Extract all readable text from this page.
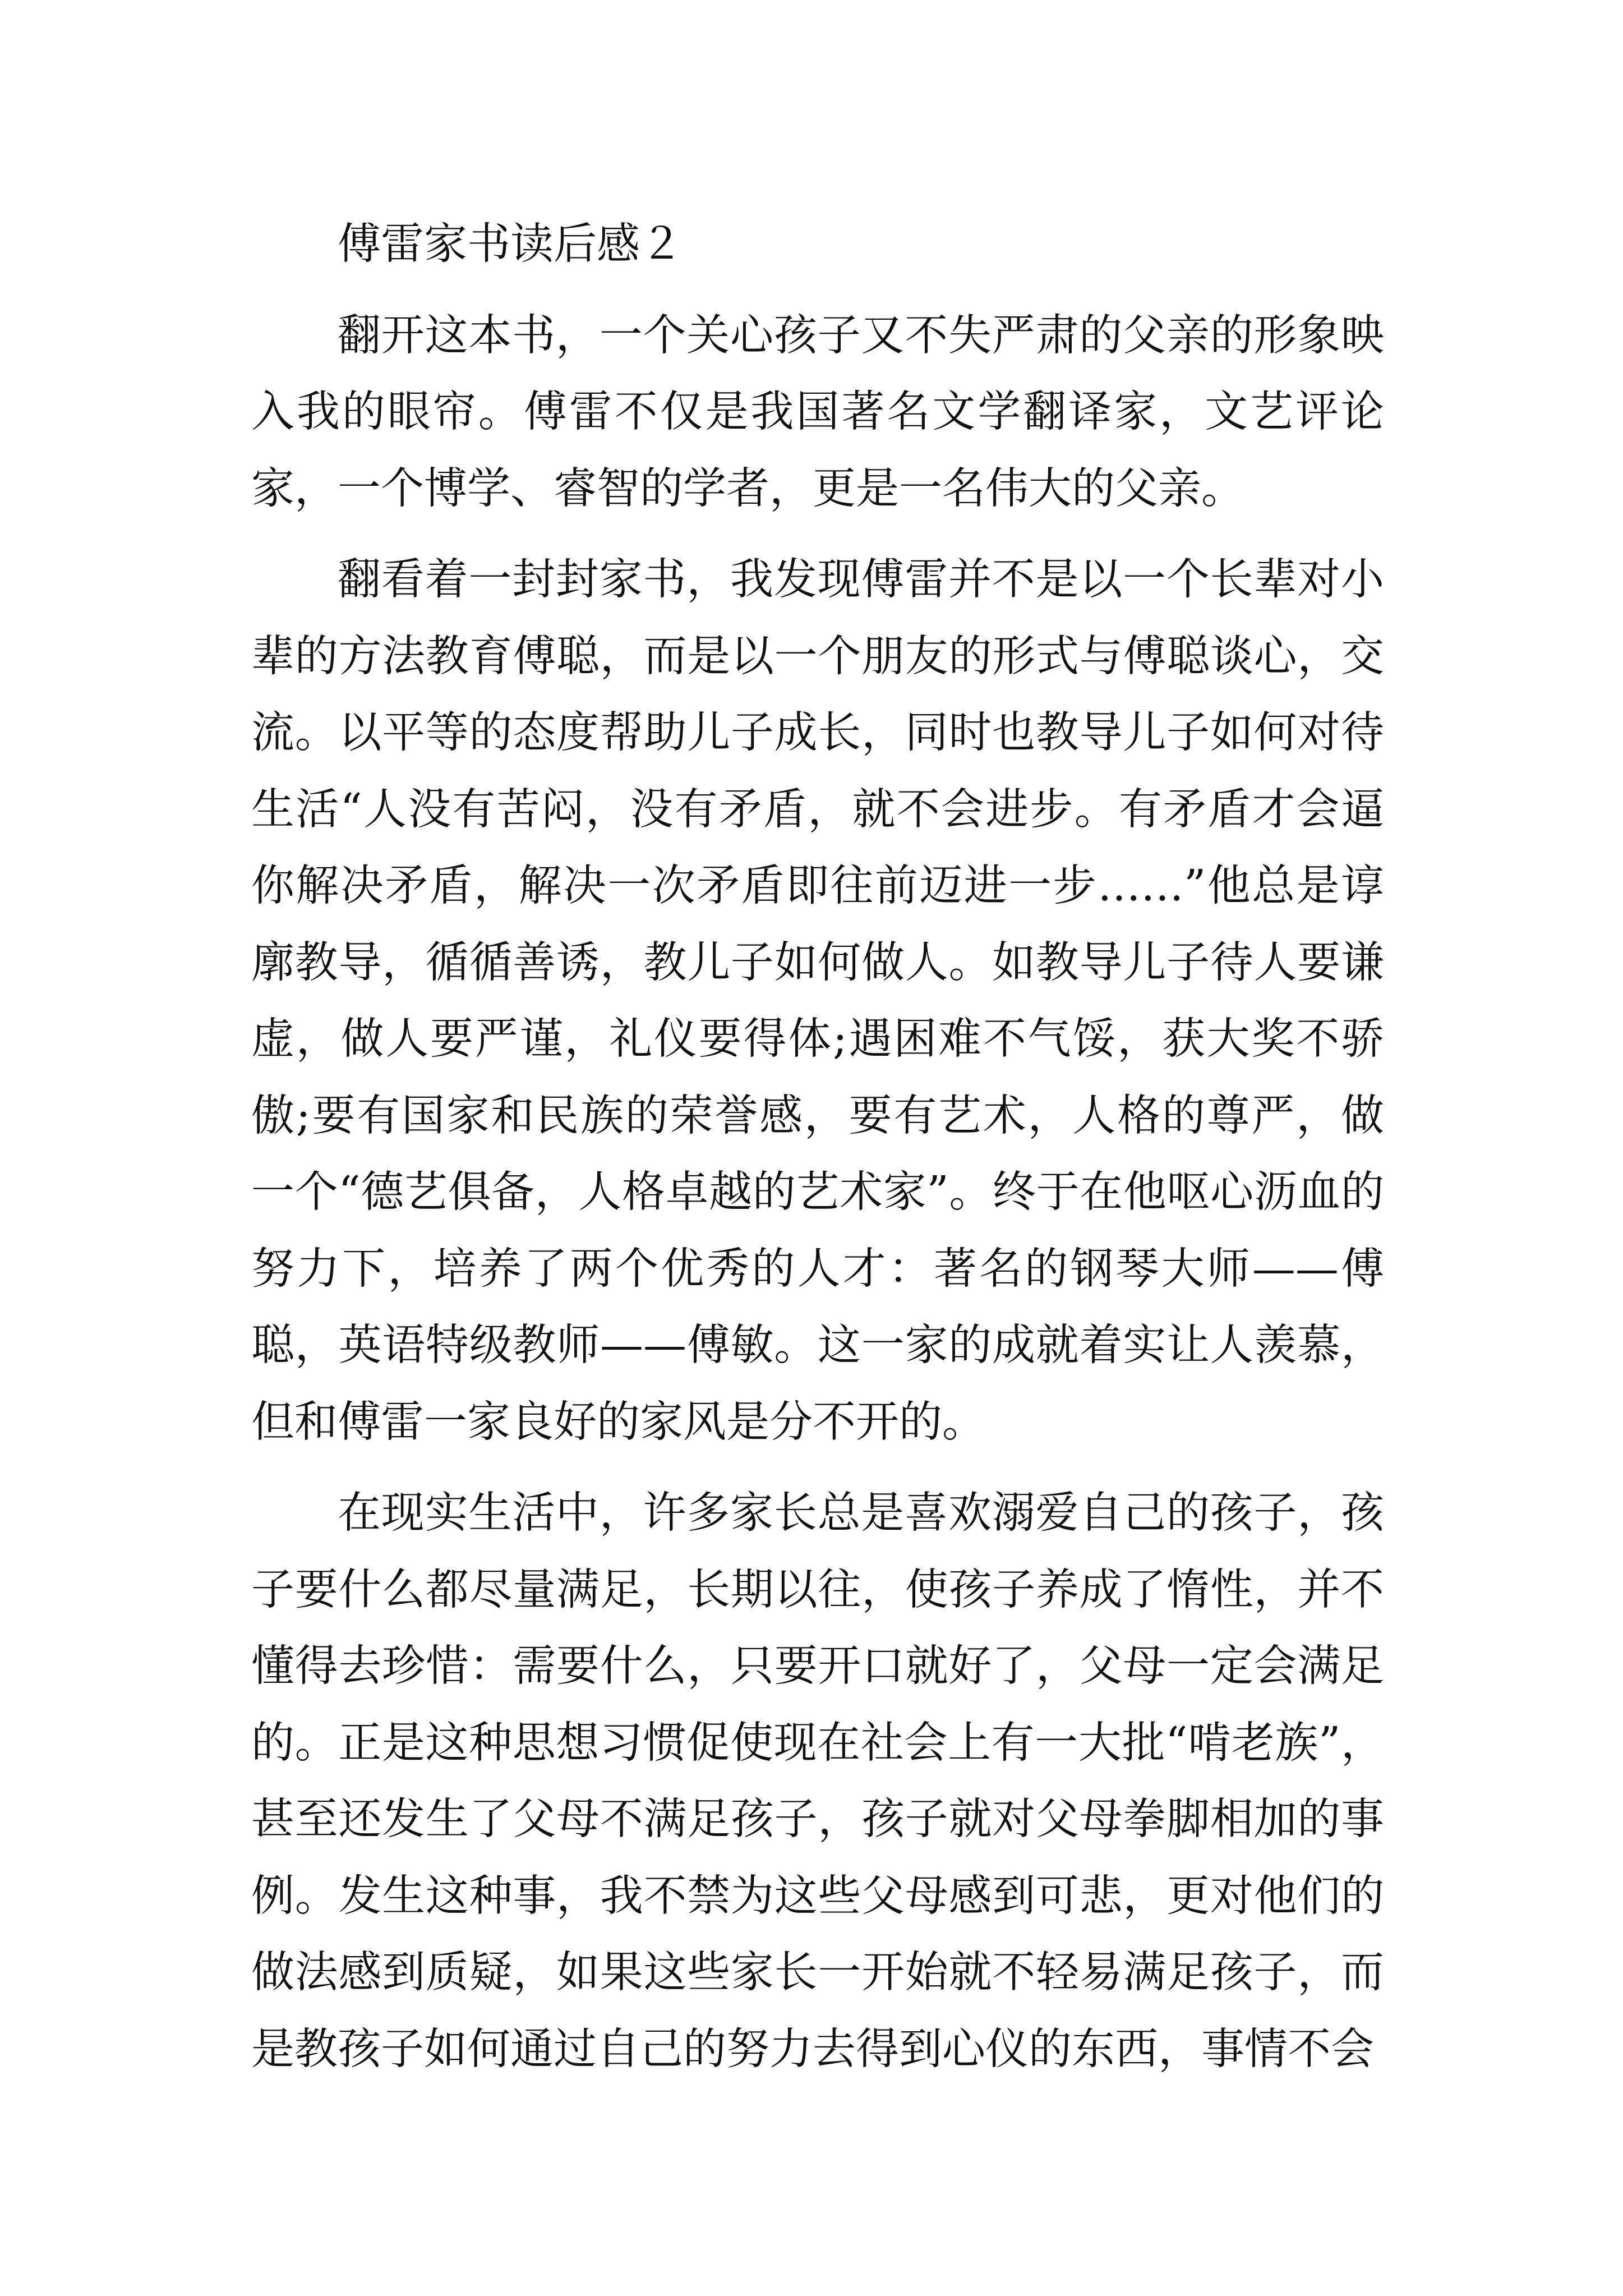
傅雷家书读后感２

翻开这本书，一个关心孩子又不失严肃的父亲的形象映入我的眼帘。傅雷不仅是我国著名文学翻译家，文艺评论家，一个博学、睿智的学者，更是一名伟大的父亲。

翻看着一封封家书，我发现傅雷并不是以一个长辈对小辈的方法教育傅聪，而是以一个朋友的形式与傅聪谈心，交流。以平等的态度帮助儿子成长，同时也教导儿子如何对待生活“人没有苦闷，没有矛盾，就不会进步。有矛盾才会逼你解决矛盾，解决一次矛盾即往前迈进一步……”他总是谆廓教导，循循善诱，教儿子如何做人。如教导儿子待人要谦虚，做人要严谨，礼仪要得体;遇困难不气馁，获大奖不骄傲;要有国家和民族的荣誉感，要有艺术，人格的尊严，做一个“德艺俱备，人格卓越的艺术家”。终于在他呕心沥血的努力下，培养了两个优秀的人才：著名的钢琴大师——傅聪，英语特级教师——傅敏。这一家的成就着实让人羡慕，但和傅雷一家良好的家风是分不开的。

在现实生活中，许多家长总是喜欢溺爱自己的孩子，孩子要什么都尽量满足，长期以往，使孩子养成了惰性，并不懂得去珍惜：需要什么，只要开口就好了，父母一定会满足的。正是这种思想习惯促使现在社会上有一大批“啃老族”，甚至还发生了父母不满足孩子，孩子就对父母拳脚相加的事例。发生这种事，我不禁为这些父母感到可悲，更对他们的做法感到质疑，如果这些家长一开始就不轻易满足孩子，而是教孩子如何通过自己的努力去得到心仪的东西，事情不会
